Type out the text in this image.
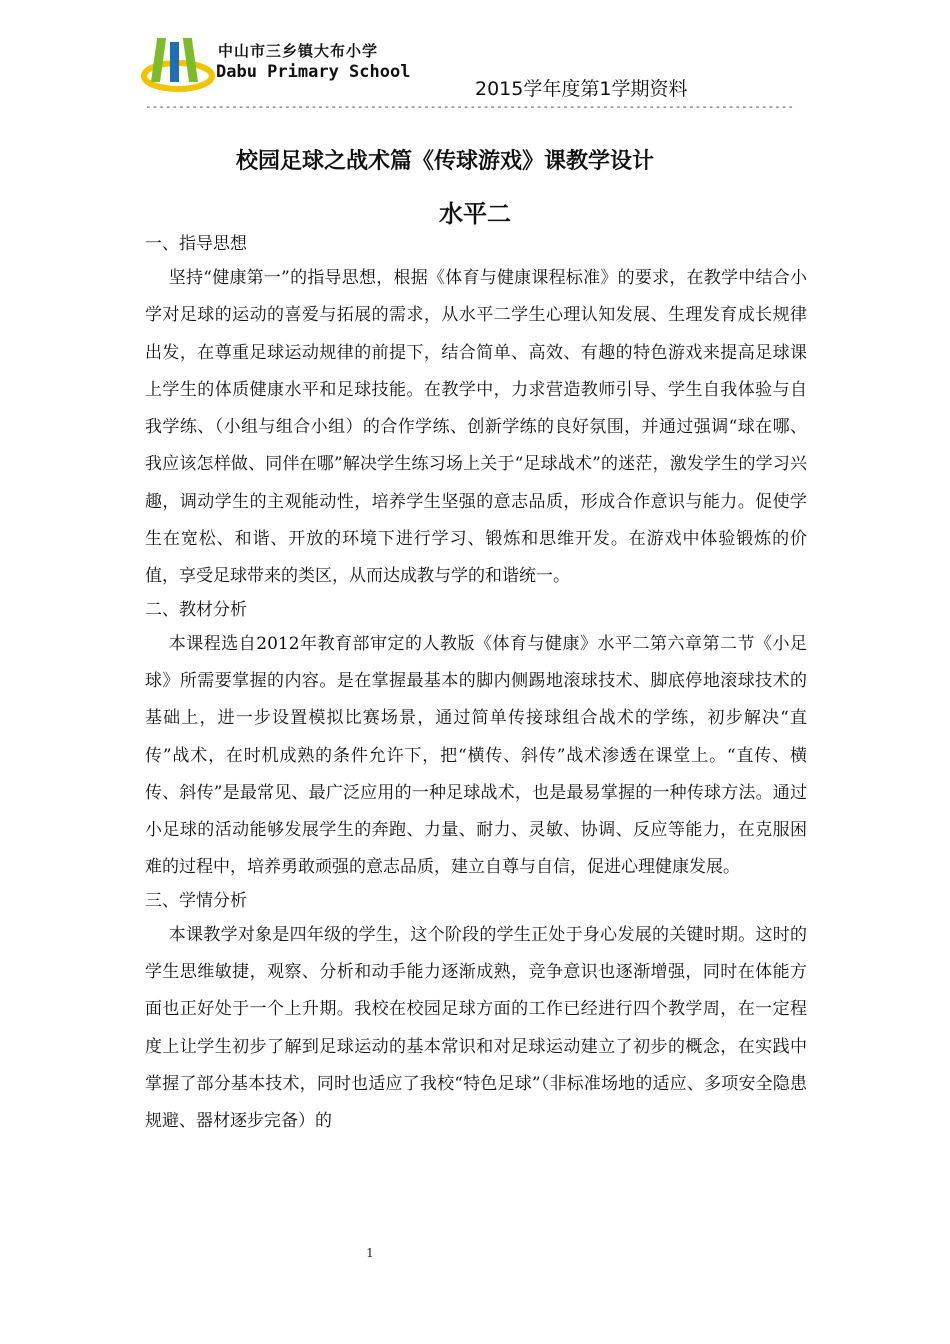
中山市三乡镇大布小学
Dabu Primary School
2015学年度第1学期资料
--------------------------------------------------------------------------------------------------
校园足球之战术篇《传球游戏》课教学设计
水平二

一、指导思想

坚持“健康第一”的指导思想，根据《体育与健康课程标准》的要求，在教学中结合小学对足球的运动的喜爱与拓展的需求，从水平二学生心理认知发展、生理发育成长规律出发，在尊重足球运动规律的前提下，结合简单、高效、有趣的特色游戏来提高足球课上学生的体质健康水平和足球技能。在教学中，力求营造教师引导、学生自我体验与自我学练、（小组与组合小组）的合作学练、创新学练的良好氛围，并通过强调“球在哪、我应该怎样做、同伴在哪”解决学生练习场上关于“足球战术”的迷茫，激发学生的学习兴趣，调动学生的主观能动性，培养学生坚强的意志品质，形成合作意识与能力。促使学生在宽松、和谐、开放的环境下进行学习、锻炼和思维开发。在游戏中体验锻炼的价值，享受足球带来的类区，从而达成教与学的和谐统一。

二、教材分析

本课程选自2012年教育部审定的人教版《体育与健康》水平二第六章第二节《小足球》所需要掌握的内容。是在掌握最基本的脚内侧踢地滚球技术、脚底停地滚球技术的基础上，进一步设置模拟比赛场景，通过简单传接球组合战术的学练，初步解决“直传”战术，在时机成熟的条件允许下，把“横传、斜传”战术渗透在课堂上。“直传、横传、斜传”是最常见、最广泛应用的一种足球战术，也是最易掌握的一种传球方法。通过小足球的活动能够发展学生的奔跑、力量、耐力、灵敏、协调、反应等能力，在克服困难的过程中，培养勇敢顽强的意志品质，建立自尊与自信，促进心理健康发展。

三、学情分析

本课教学对象是四年级的学生，这个阶段的学生正处于身心发展的关键时期。这时的学生思维敏捷，观察、分析和动手能力逐渐成熟，竞争意识也逐渐增强，同时在体能方面也正好处于一个上升期。我校在校园足球方面的工作已经进行四个教学周，在一定程度上让学生初步了解到足球运动的基本常识和对足球运动建立了初步的概念，在实践中掌握了部分基本技术，同时也适应了我校“特色足球”（非标准场地的适应、多项安全隐患规避、器材逐步完备）的

1
